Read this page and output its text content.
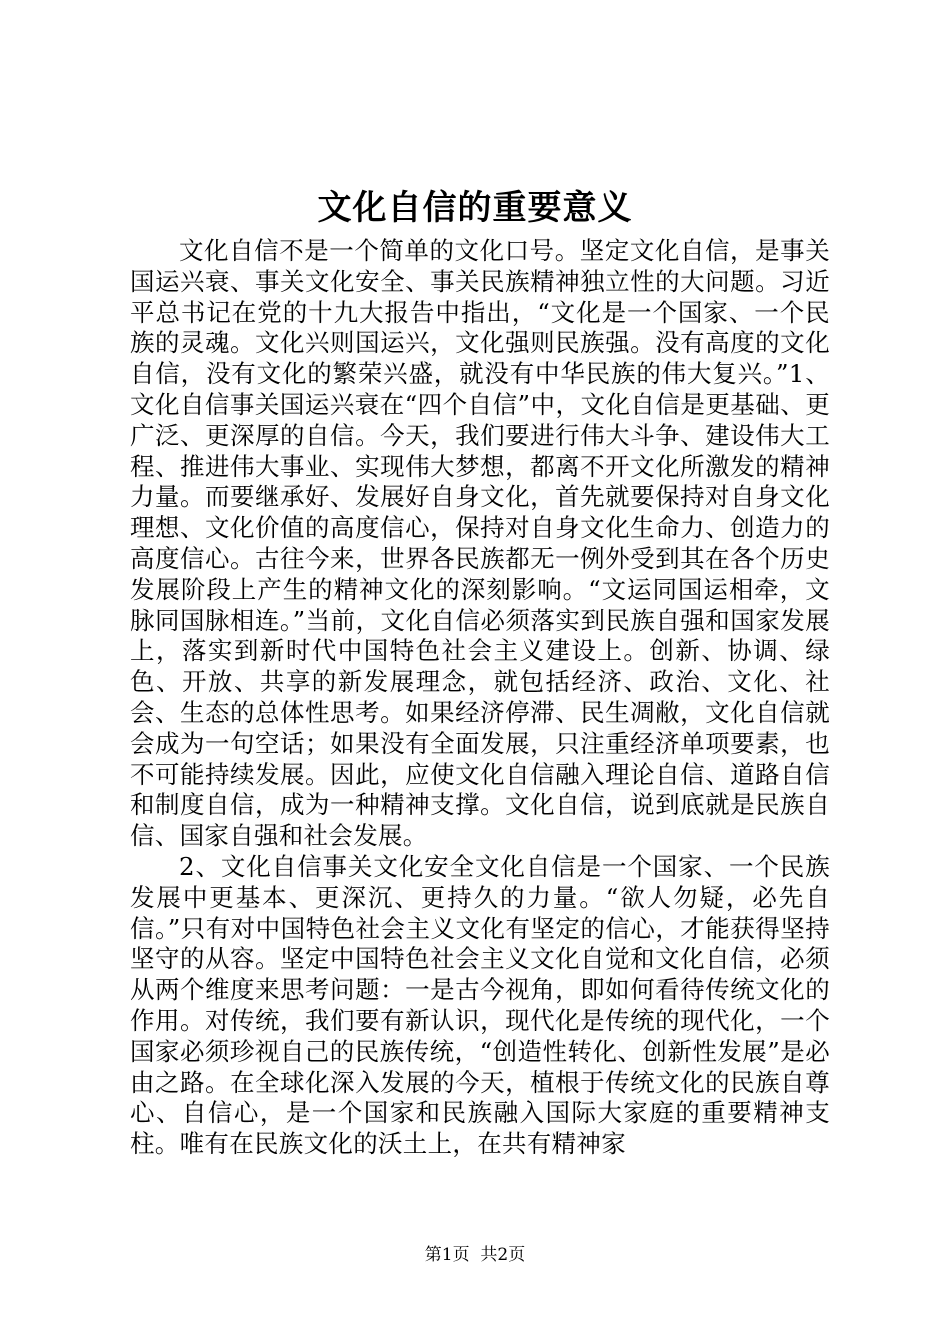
文化自信的重要意义

文化自信不是一个简单的文化口号。坚定文化自信，是事关国运兴衰、事关文化安全、事关民族精神独立性的大问题。习近平总书记在党的十九大报告中指出，“文化是一个国家、一个民族的灵魂。文化兴则国运兴，文化强则民族强。没有高度的文化自信，没有文化的繁荣兴盛，就没有中华民族的伟大复兴。”1、文化自信事关国运兴衰在“四个自信”中，文化自信是更基础、更广泛、更深厚的自信。今天，我们要进行伟大斗争、建设伟大工程、推进伟大事业、实现伟大梦想，都离不开文化所激发的精神力量。而要继承好、发展好自身文化，首先就要保持对自身文化理想、文化价值的高度信心，保持对自身文化生命力、创造力的高度信心。古往今来，世界各民族都无一例外受到其在各个历史发展阶段上产生的精神文化的深刻影响。“文运同国运相牵，文脉同国脉相连。”当前，文化自信必须落实到民族自强和国家发展上，落实到新时代中国特色社会主义建设上。创新、协调、绿色、开放、共享的新发展理念，就包括经济、政治、文化、社会、生态的总体性思考。如果经济停滞、民生凋敝，文化自信就会成为一句空话；如果没有全面发展，只注重经济单项要素，也不可能持续发展。因此，应使文化自信融入理论自信、道路自信和制度自信，成为一种精神支撑。文化自信，说到底就是民族自信、国家自强和社会发展。

2、文化自信事关文化安全文化自信是一个国家、一个民族发展中更基本、更深沉、更持久的力量。“欲人勿疑，必先自信。”只有对中国特色社会主义文化有坚定的信心，才能获得坚持坚守的从容。坚定中国特色社会主义文化自觉和文化自信，必须从两个维度来思考问题：一是古今视角，即如何看待传统文化的作用。对传统，我们要有新认识，现代化是传统的现代化，一个国家必须珍视自己的民族传统，“创造性转化、创新性发展”是必由之路。在全球化深入发展的今天，植根于传统文化的民族自尊心、自信心，是一个国家和民族融入国际大家庭的重要精神支柱。唯有在民族文化的沃土上，在共有精神家

第1页  共2页
